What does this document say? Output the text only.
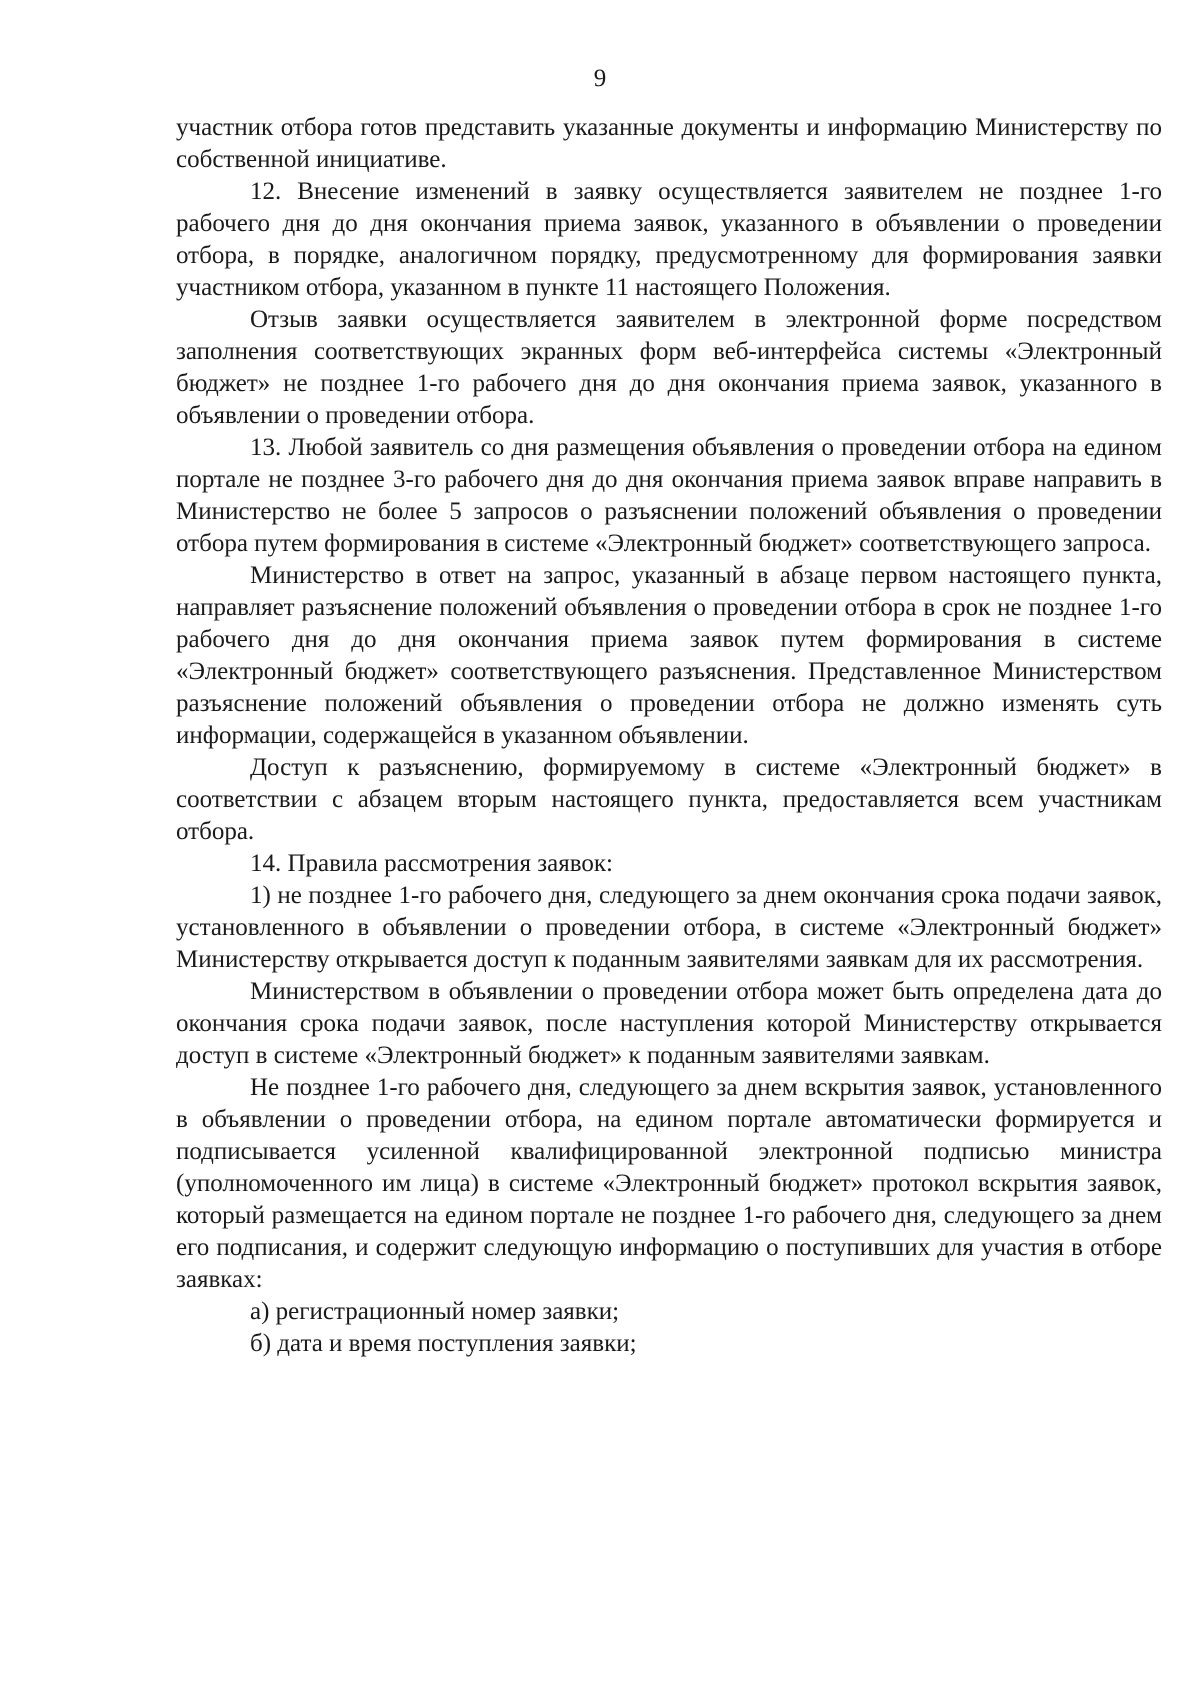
9

участник отбора готов представить указанные документы и информацию Министерству по собственной инициативе.

12. Внесение изменений в заявку осуществляется заявителем не позднее 1-го рабочего дня до дня окончания приема заявок, указанного в объявлении о проведении отбора, в порядке, аналогичном порядку, предусмотренному для формирования заявки участником отбора, указанном в пункте 11 настоящего Положения.

Отзыв заявки осуществляется заявителем в электронной форме посредством заполнения соответствующих экранных форм веб-интерфейса системы «Электронный бюджет» не позднее 1-го рабочего дня до дня окончания приема заявок, указанного в объявлении о проведении отбора.

13. Любой заявитель со дня размещения объявления о проведении отбора на едином портале не позднее 3-го рабочего дня до дня окончания приема заявок вправе направить в Министерство не более 5 запросов о разъяснении положений объявления о проведении отбора путем формирования в системе «Электронный бюджет» соответствующего запроса.

Министерство в ответ на запрос, указанный в абзаце первом настоящего пункта, направляет разъяснение положений объявления о проведении отбора в срок не позднее 1-го рабочего дня до дня окончания приема заявок путем формирования в системе «Электронный бюджет» соответствующего разъяснения. Представленное Министерством разъяснение положений объявления о проведении отбора не должно изменять суть информации, содержащейся в указанном объявлении.

Доступ к разъяснению, формируемому в системе «Электронный бюджет» в соответствии с абзацем вторым настоящего пункта, предоставляется всем участникам отбора.

14. Правила рассмотрения заявок:

1) не позднее 1-го рабочего дня, следующего за днем окончания срока подачи заявок, установленного в объявлении о проведении отбора, в системе «Электронный бюджет» Министерству открывается доступ к поданным заявителями заявкам для их рассмотрения.

Министерством в объявлении о проведении отбора может быть определена дата до окончания срока подачи заявок, после наступления которой Министерству открывается доступ в системе «Электронный бюджет» к поданным заявителями заявкам.

Не позднее 1-го рабочего дня, следующего за днем вскрытия заявок, установленного в объявлении о проведении отбора, на едином портале автоматически формируется и подписывается усиленной квалифицированной электронной подписью министра (уполномоченного им лица) в системе «Электронный бюджет» протокол вскрытия заявок, который размещается на едином портале не позднее 1-го рабочего дня, следующего за днем его подписания, и содержит следующую информацию о поступивших для участия в отборе заявках:

а) регистрационный номер заявки;

б) дата и время поступления заявки;
